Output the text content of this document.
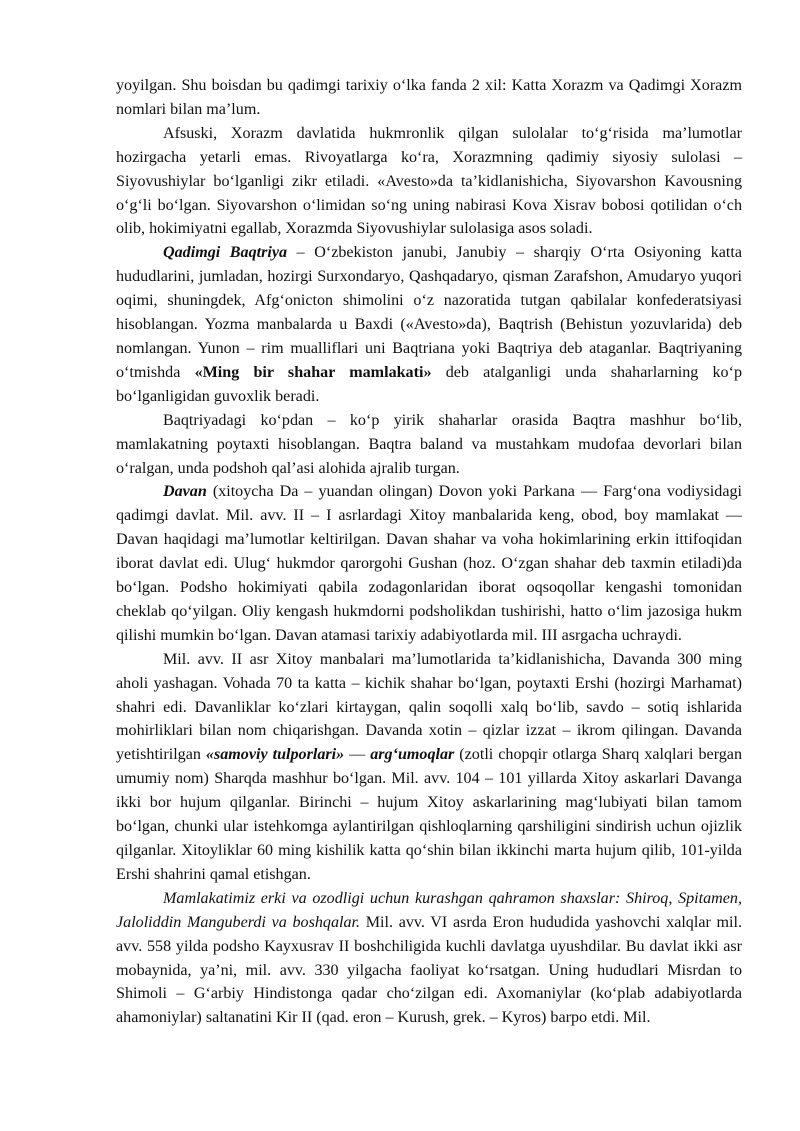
yoyilgan. Shu boisdan bu qadimgi tarixiy o‘lka fanda 2 xil: Katta Xorazm va Qadimgi Xorazm nomlari bilan ma’lum.

Afsuski, Xorazm davlatida hukmronlik qilgan sulolalar to‘g‘risida ma’lumotlar hozirgacha yetarli emas. Rivoyatlarga ko‘ra, Xorazmning qadimiy siyosiy sulolasi – Siyovushiylar bo‘lganligi zikr etiladi. «Avesto»da ta’kidlanishicha, Siyovarshon Kavousning o‘g‘li bo‘lgan. Siyovarshon o‘limidan so‘ng uning nabirasi Kova Xisrav bobosi qotilidan o‘ch olib, hokimiyatni egallab, Xorazmda Siyovushiylar sulolasiga asos soladi.

Qadimgi Baqtriya – O‘zbekiston janubi, Janubiy – sharqiy O‘rta Osiyoning katta hududlarini, jumladan, hozirgi Surxondaryo, Qashqadaryo, qisman Zarafshon, Amudaryo yuqori oqimi, shuningdek, Afg‘onicton shimolini o‘z nazoratida tutgan qabilalar konfederatsiyasi hisoblangan. Yozma manbalarda u Baxdi («Avesto»da), Baqtrish (Behistun yozuvlarida) deb nomlangan. Yunon – rim mualliflari uni Baqtriana yoki Baqtriya deb ataganlar. Baqtriyaning o‘tmishda «Ming bir shahar mamlakati» deb atalganligi unda shaharlarning ko‘p bo‘lganligidan guvoxlik beradi.

Baqtriyadagi ko‘pdan – ko‘p yirik shaharlar orasida Baqtra mashhur bo‘lib, mamlakatning poytaxti hisoblangan. Baqtra baland va mustahkam mudofaa devorlari bilan o‘ralgan, unda podshoh qal’asi alohida ajralib turgan.

Davan (xitoycha Da – yuandan olingan) Dovon yoki Parkana — Farg‘ona vodiysidagi qadimgi davlat. Mil. avv. II – I asrlardagi Xitoy manbalarida keng, obod, boy mamlakat — Davan haqidagi ma’lumotlar keltirilgan. Davan shahar va voha hokimlarining erkin ittifoqidan iborat davlat edi. Ulug‘ hukmdor qarorgohi Gushan (hoz. O‘zgan shahar deb taxmin etiladi)da bo‘lgan. Podsho hokimiyati qabila zodagonlaridan iborat oqsoqollar kengashi tomonidan cheklab qo‘yilgan. Oliy kengash hukmdorni podsholikdan tushirishi, hatto o‘lim jazosiga hukm qilishi mumkin bo‘lgan. Davan atamasi tarixiy adabiyotlarda mil. III asrgacha uchraydi.

Mil. avv. II asr Xitoy manbalari ma’lumotlarida ta’kidlanishicha, Davanda 300 ming aholi yashagan. Vohada 70 ta katta – kichik shahar bo‘lgan, poytaxti Ershi (hozirgi Marhamat) shahri edi. Davanliklar ko‘zlari kirtaygan, qalin soqolli xalq bo‘lib, savdo – sotiq ishlarida mohirliklari bilan nom chiqarishgan. Davanda xotin – qizlar izzat – ikrom qilingan. Davanda yetishtirilgan «samoviy tulporlari» — arg‘umoqlar (zotli chopqir otlarga Sharq xalqlari bergan umumiy nom) Sharqda mashhur bo‘lgan. Mil. avv. 104 – 101 yillarda Xitoy askarlari Davanga ikki bor hujum qilganlar. Birinchi – hujum Xitoy askarlarining mag‘lubiyati bilan tamom bo‘lgan, chunki ular istehkomga aylantirilgan qishloqlarning qarshiligini sindirish uchun ojizlik qilganlar. Xitoyliklar 60 ming kishilik katta qo‘shin bilan ikkinchi marta hujum qilib, 101-yilda Ershi shahrini qamal etishgan.

Mamlakatimiz erki va ozodligi uchun kurashgan qahramon shaxslar: Shiroq, Spitamen, Jaloliddin Manguberdi va boshqalar. Mil. avv. VI asrda Eron hududida yashovchi xalqlar mil. avv. 558 yilda podsho Kayxusrav II boshchiligida kuchli davlatga uyushdilar. Bu davlat ikki asr mobaynida, ya’ni, mil. avv. 330 yilgacha faoliyat ko‘rsatgan. Uning hududlari Misrdan to Shimoli – G‘arbiy Hindistonga qadar cho‘zilgan edi. Axomaniylar (ko‘plab adabiyotlarda ahamoniylar) saltanatini Kir II (qad. eron – Kurush, grek. – Kyros) barpo etdi. Mil.
